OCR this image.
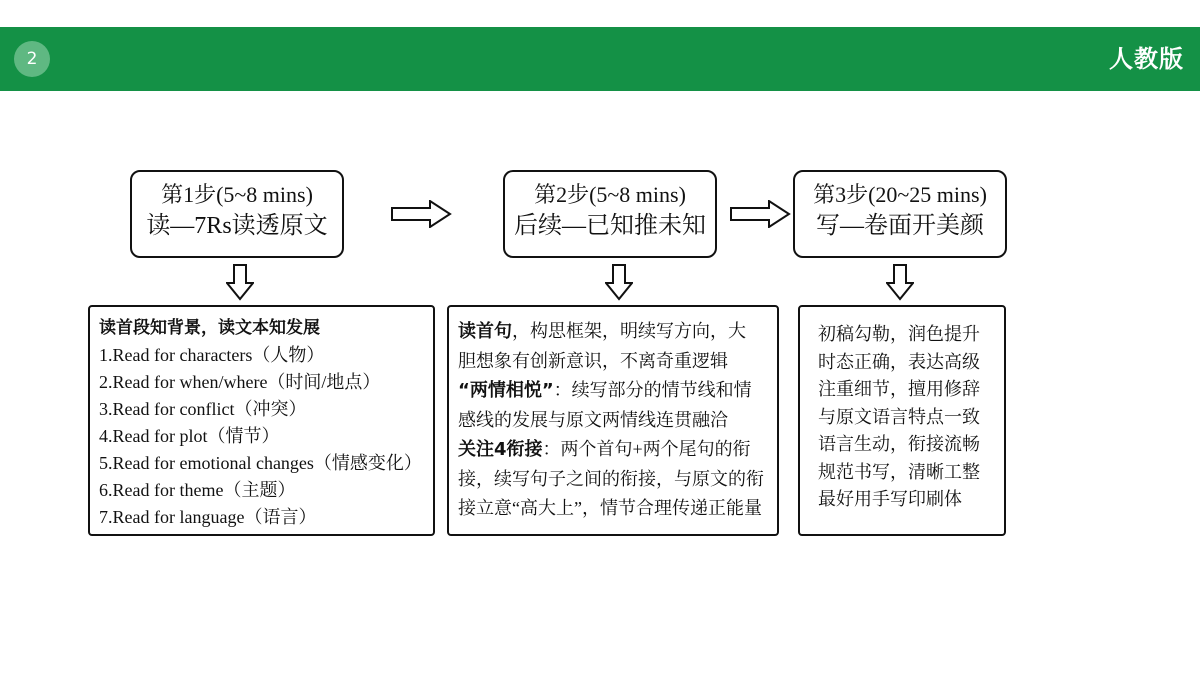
2	人教版
第1步(5~8 mins)
读—7Rs读透原文
第2步(5~8 mins)
后续—已知推未知
第3步(20~25 mins)
写—卷面开美颜

读首段知背景，读文本知发展

1.Read for characters（人物）

2.Read for when/where（时间/地点）

3.Read for conflict（冲突）

4.Read for plot（情节）

5.Read for emotional changes（情感变化）

6.Read for theme（主题）

7.Read for language（语言）

读首句，构思框架，明续写方向，大

胆想象有创新意识，不离奇重逻辑

“两情相悦”：续写部分的情节线和情

感线的发展与原文两情线连贯融洽

关注4衔接：两个首句+两个尾句的衔

接，续写句子之间的衔接，与原文的衔

接立意“高大上”，情节合理传递正能量

初稿勾勒，润色提升

时态正确，表达高级

注重细节，擅用修辞

与原文语言特点一致

语言生动，衔接流畅

规范书写，清晰工整

最好用手写印刷体
